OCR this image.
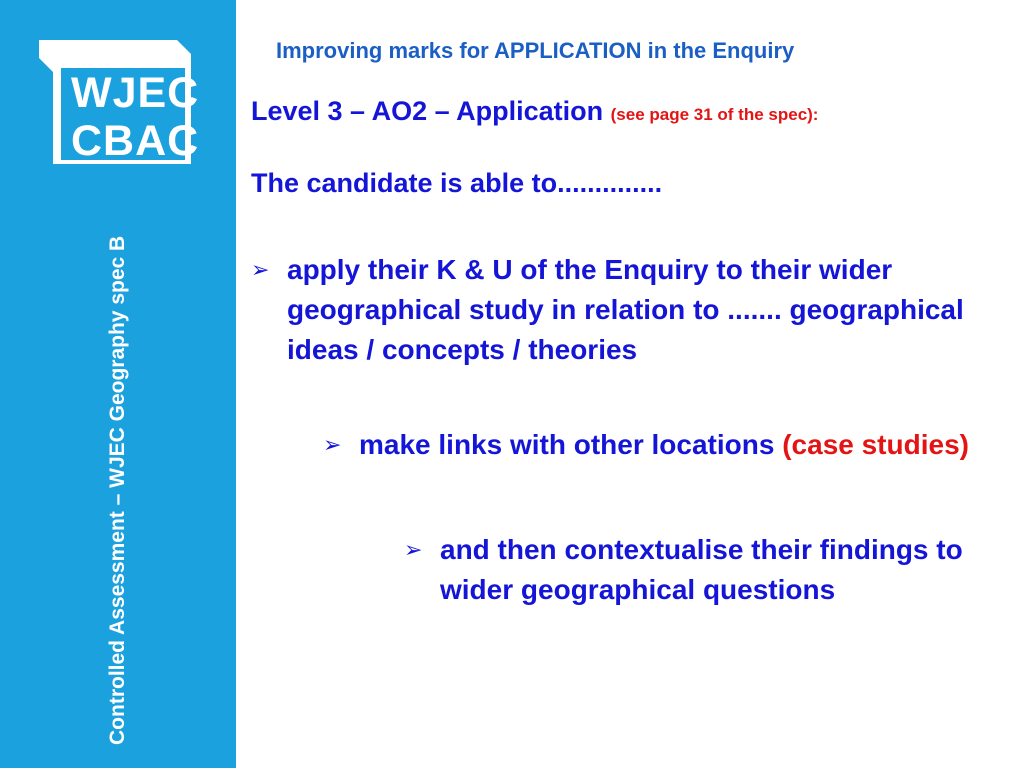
WJEC
CBAC
Controlled Assessment – WJEC Geography spec B
Improving marks for APPLICATION in the Enquiry
Level 3 – AO2 – Application (see page 31 of the spec):
The candidate is able to..............
➢ apply their K & U of the Enquiry to their wider geographical study in relation to ....... geographical ideas / concepts / theories
➢ make links with other locations (case studies)
➢ and then contextualise their findings to wider geographical questions
